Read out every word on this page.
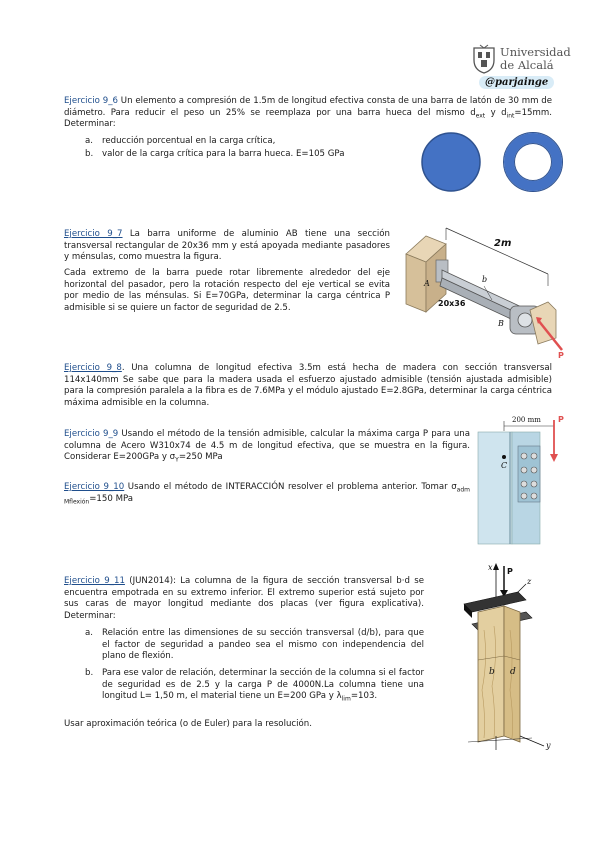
Universidad
de Alcalá
@parjainge
Ejercicio 9_6 Un elemento a compresión de 1.5m de longitud efectiva consta de una barra de latón de 30 mm de diámetro. Para reducir el peso un 25% se reemplaza por una barra hueca del mismo $d_{ext}$ y $d_{int}=15mm$. Determinar:
a. reducción porcentual en la carga crítica,
b. valor de la carga crítica para la barra hueca. E=105 GPa
Ejercicio 9_7 La barra uniforme de aluminio AB tiene una sección transversal rectangular de 20x36 mm y está apoyada mediante pasadores y ménsulas, como muestra la figura.
Cada extremo de la barra puede rotar libremente alrededor del eje horizontal del pasador, pero la rotación respecto del eje vertical se evita por medio de las ménsulas. Si E=70GPa, determinar la carga céntrica P admisible si se quiere un factor de seguridad de 2.5.
2m
A
B
b
20x36
P
Ejercicio 9_8. Una columna de longitud efectiva 3.5m está hecha de madera con sección transversal 114x140mm Se sabe que para la madera usada el esfuerzo ajustado admisible (tensión ajustada admisible) para la compresión paralela a la fibra es de 7.6MPa y el módulo ajustado E=2.8GPa, determinar la carga céntrica máxima admisible en la columna.
Ejercicio 9_9 Usando el método de la tensión admisible, calcular la máxima carga P para una columna de Acero W310x74 de 4.5 m de longitud efectiva, que se muestra en la figura. Considerar E=200GPa y $\sigma_Y=250$ MPa
Ejercicio 9_10 Usando el método de INTERACCIÓN resolver el problema anterior. Tomar $\sigma_{adm Mflexión}=150$ MPa
200 mm P
C
Ejercicio 9_11 (JUN2014): La columna de la figura de sección transversal b·d se encuentra empotrada en su extremo inferior. El extremo superior está sujeto por sus caras de mayor longitud mediante dos placas (ver figura explicativa). Determinar:
a. Relación entre las dimensiones de su sección transversal (d/b), para que el factor de seguridad a pandeo sea el mismo con independencia del plano de flexión.
b. Para ese valor de relación, determinar la sección de la columna si el factor de seguridad es de 2.5 y la carga P de 4000N.La columna tiene una longitud L= 1,50 m, el material tiene un E=200 GPa y $\lambda_{lim}=103$.
Usar aproximación teórica (o de Euler) para la resolución.
x P
z
b d
y
